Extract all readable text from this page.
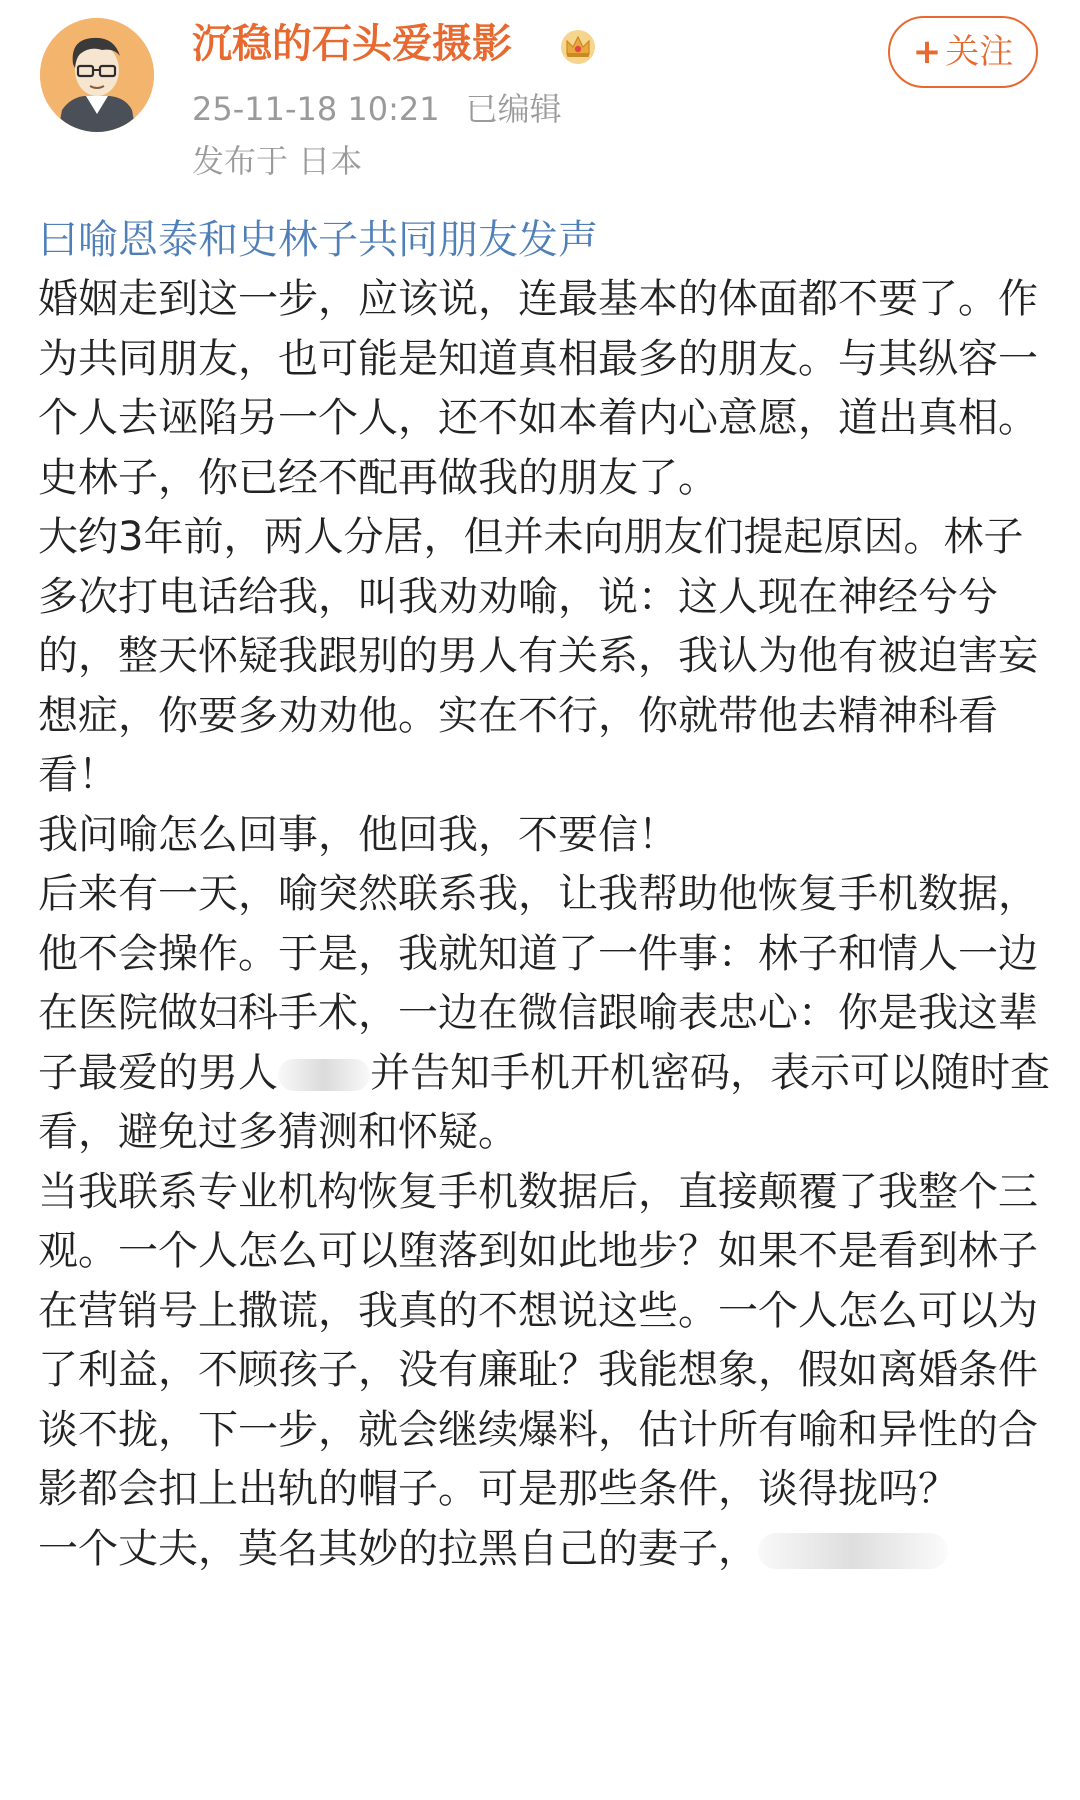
沉稳的石头爱摄影
25-11-18 10:21 已编辑
发布于 日本
+ 关注
曰喻恩泰和史林子共同朋友发声

婚姻走到这一步，应该说，连最基本的体面都不要了。作为共同朋友，也可能是知道真相最多的朋友。与其纵容一个人去诬陷另一个人，还不如本着内心意愿，道出真相。

史林子，你已经不配再做我的朋友了。

大约3年前，两人分居，但并未向朋友们提起原因。林子多次打电话给我，叫我劝劝喻，说：这人现在神经兮兮的，整天怀疑我跟别的男人有关系，我认为他有被迫害妄想症，你要多劝劝他。实在不行，你就带他去精神科看看！

我问喻怎么回事，他回我，不要信！

后来有一天，喻突然联系我，让我帮助他恢复手机数据，他不会操作。于是，我就知道了一件事：林子和情人一边在医院做妇科手术，一边在微信跟喻表忠心：你是我这辈子最爱的男人 并告知手机开机密码，表示可以随时查看，避免过多猜测和怀疑。

当我联系专业机构恢复手机数据后，直接颠覆了我整个三观。一个人怎么可以堕落到如此地步？如果不是看到林子在营销号上撒谎，我真的不想说这些。一个人怎么可以为了利益，不顾孩子，没有廉耻？我能想象，假如离婚条件谈不拢，下一步，就会继续爆料，估计所有喻和异性的合影都会扣上出轨的帽子。可是那些条件，谈得拢吗？

一个丈夫，莫名其妙的拉黑自己的妻子，
